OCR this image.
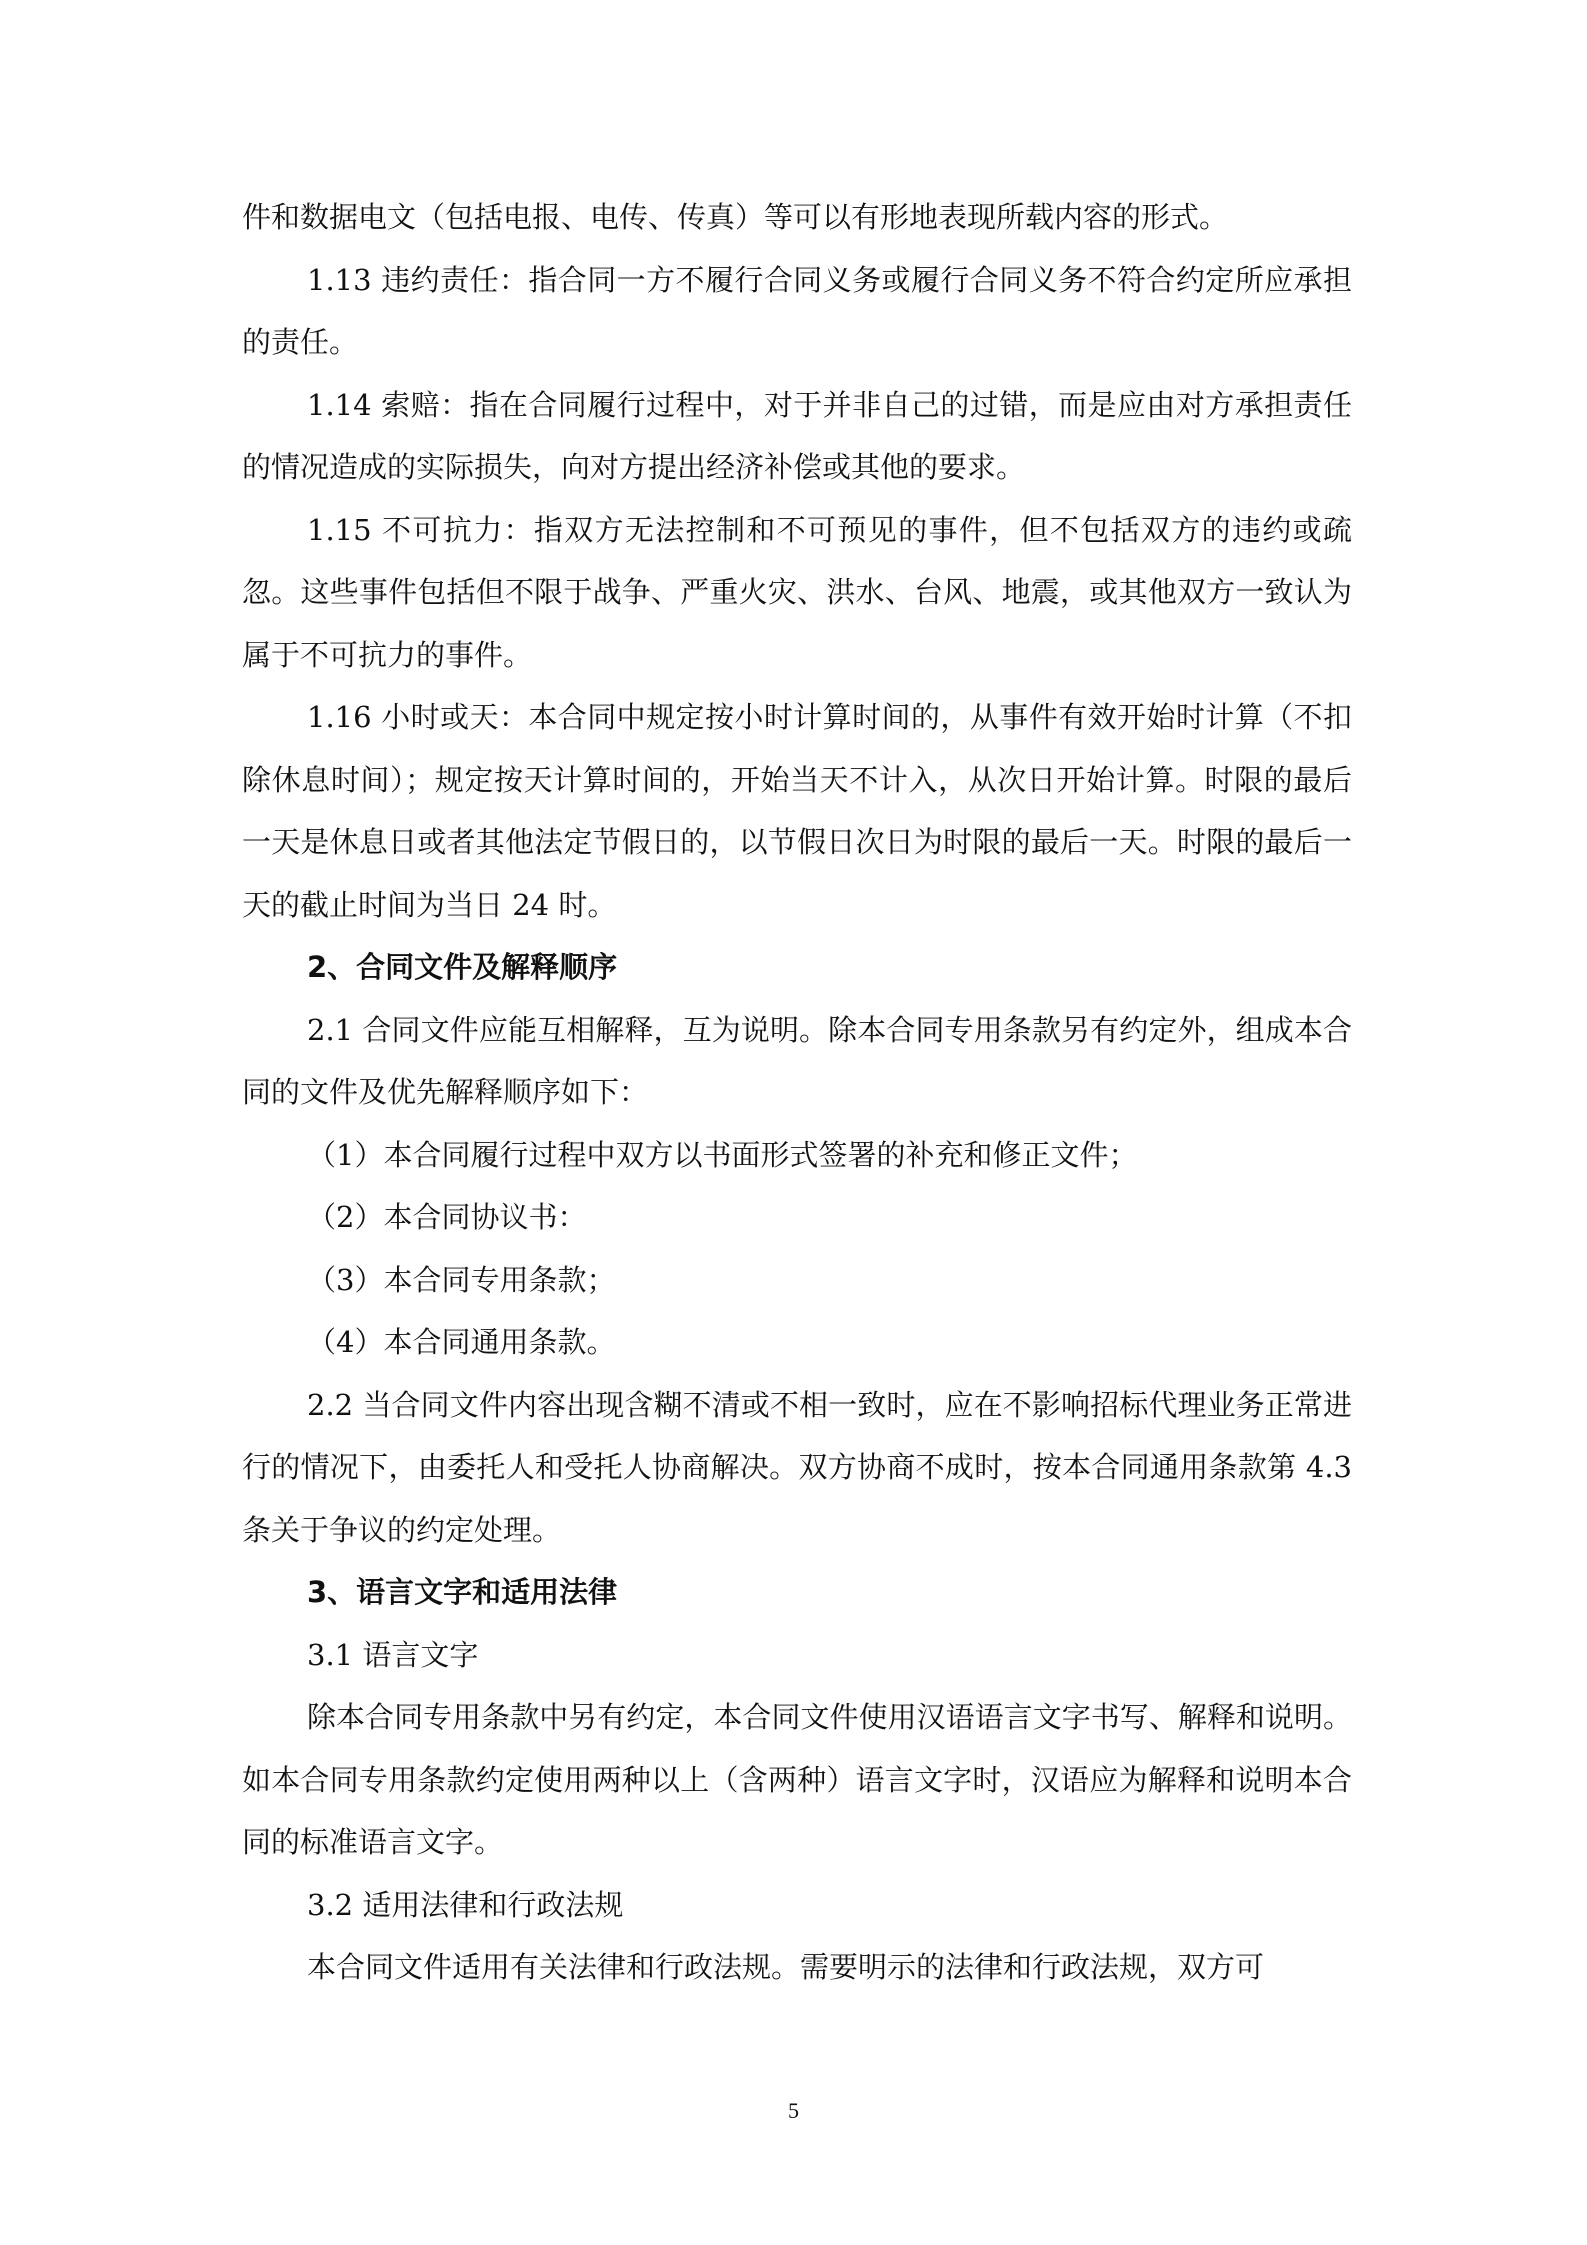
件和数据电文（包括电报、电传、传真）等可以有形地表现所载内容的形式。

1.13 违约责任：指合同一方不履行合同义务或履行合同义务不符合约定所应承担的责任。

1.14 索赔：指在合同履行过程中，对于并非自己的过错，而是应由对方承担责任的情况造成的实际损失，向对方提出经济补偿或其他的要求。

1.15 不可抗力：指双方无法控制和不可预见的事件，但不包括双方的违约或疏忽。这些事件包括但不限于战争、严重火灾、洪水、台风、地震，或其他双方一致认为属于不可抗力的事件。

1.16 小时或天：本合同中规定按小时计算时间的，从事件有效开始时计算（不扣除休息时间）；规定按天计算时间的，开始当天不计入，从次日开始计算。时限的最后一天是休息日或者其他法定节假日的，以节假日次日为时限的最后一天。时限的最后一天的截止时间为当日 24 时。

2、合同文件及解释顺序

2.1 合同文件应能互相解释，互为说明。除本合同专用条款另有约定外，组成本合同的文件及优先解释顺序如下：

（1）本合同履行过程中双方以书面形式签署的补充和修正文件；

（2）本合同协议书：

（3）本合同专用条款；

（4）本合同通用条款。

2.2 当合同文件内容出现含糊不清或不相一致时，应在不影响招标代理业务正常进行的情况下，由委托人和受托人协商解决。双方协商不成时，按本合同通用条款第 4.3 条关于争议的约定处理。

3、语言文字和适用法律

3.1 语言文字

除本合同专用条款中另有约定，本合同文件使用汉语语言文字书写、解释和说明。如本合同专用条款约定使用两种以上（含两种）语言文字时，汉语应为解释和说明本合同的标准语言文字。

3.2 适用法律和行政法规

本合同文件适用有关法律和行政法规。需要明示的法律和行政法规，双方可

5
